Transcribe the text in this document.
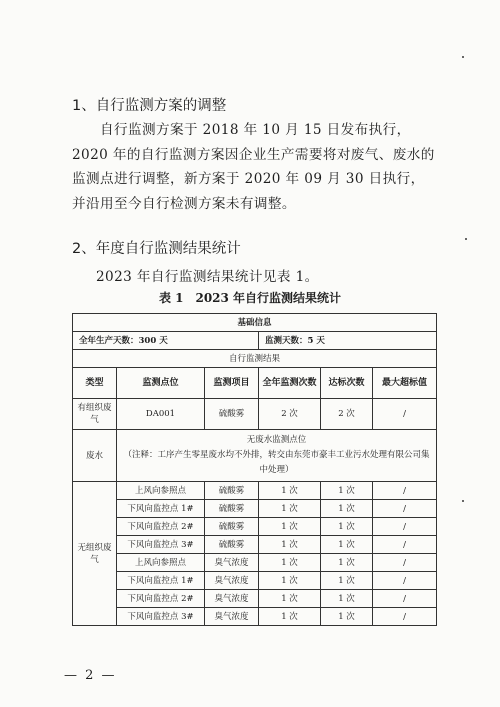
1、自行监测方案的调整
自行监测方案于 2018 年 10 月 15 日发布执行，2020 年的自行监测方案因企业生产需要将对废气、废水的监测点进行调整，新方案于 2020 年 09 月 30 日执行，并沿用至今自行检测方案未有调整。
2、年度自行监测结果统计
2023 年自行监测结果统计见表 1。
表 1　2023 年自行监测结果统计
基础信息					
全年生产天数：300 天			监测天数：5 天		
自行监测结果					
类型	监测点位	监测项目	全年监测次数	达标次数	最大超标值
有组织废气	DA001	硫酸雾	2 次	2 次	/
废水	无废水监测点位
（注释：工序产生零星废水均不外排，转交由东莞市豪丰工业污水处理有限公司集中处理）				

无组织废气	上风向参照点	硫酸雾	1 次	1 次	/
	下风向监控点 1#	硫酸雾	1 次	1 次	/
	下风向监控点 2#	硫酸雾	1 次	1 次	/
	下风向监控点 3#	硫酸雾	1 次	1 次	/
	上风向参照点	臭气浓度	1 次	1 次	/
	下风向监控点 1#	臭气浓度	1 次	1 次	/
	下风向监控点 2#	臭气浓度	1 次	1 次	/
	下风向监控点 3#	臭气浓度	1 次	1 次	/
— 2 —
